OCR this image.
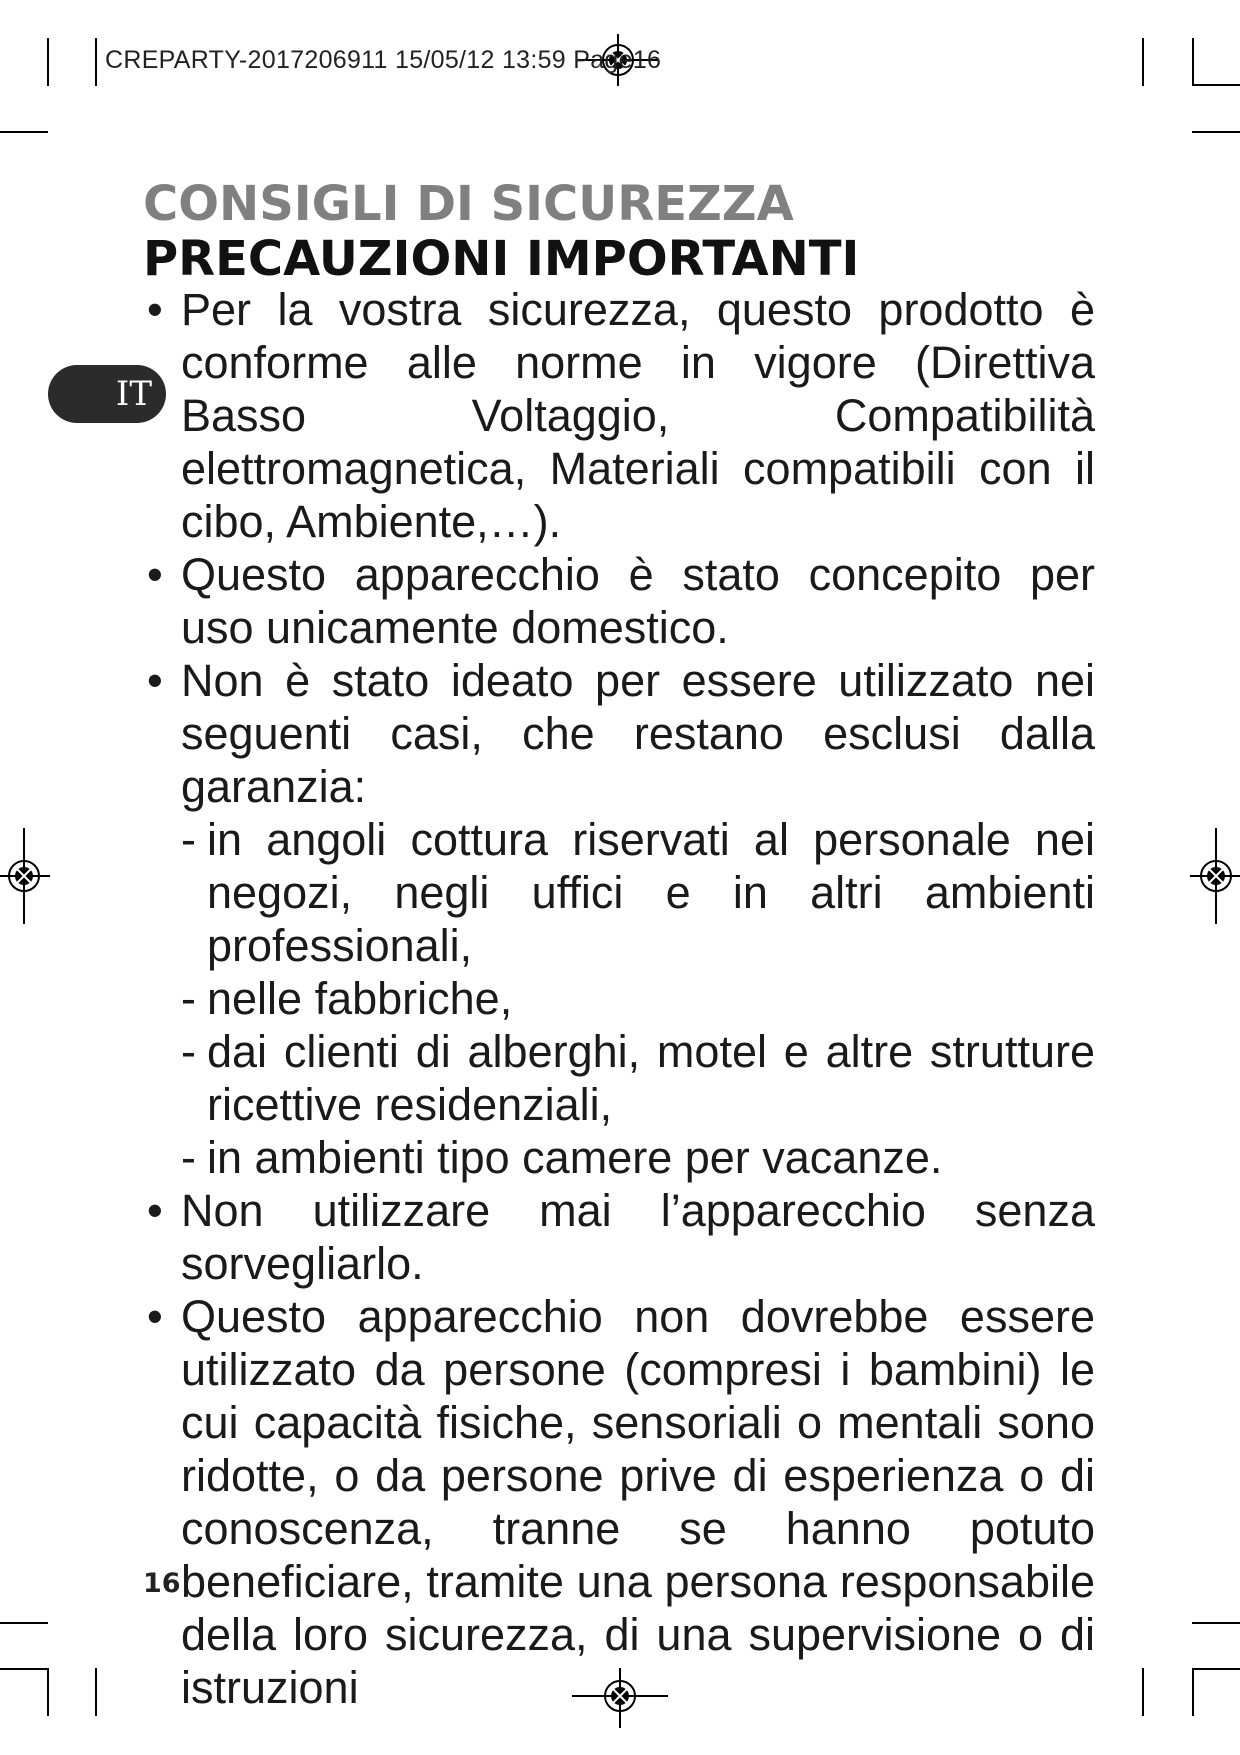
CREPARTY-2017206911 15/05/12 13:59 Page16
CONSIGLI DI SICUREZZA
PRECAUZIONI IMPORTANTI
IT
• Per la vostra sicurezza, questo prodotto è conforme alle norme in vigore (Direttiva Basso Voltaggio, Compatibilità elettromagnetica, Materiali compatibili con il cibo, Ambiente,…).
• Questo apparecchio è stato concepito per uso unicamente domestico.
• Non è stato ideato per essere utilizzato nei seguenti casi, che restano esclusi dalla garanzia:
- in angoli cottura riservati al personale nei negozi, negli uffici e in altri ambienti professionali,
- nelle fabbriche,
- dai clienti di alberghi, motel e altre strutture ricettive residenziali,
- in ambienti tipo camere per vacanze.
• Non utilizzare mai l’apparecchio senza sorvegliarlo.
• Questo apparecchio non dovrebbe essere utilizzato da persone (compresi i bambini) le cui capacità fisiche, sensoriali o mentali sono ridotte, o da persone prive di esperienza o di conoscenza, tranne se hanno potuto beneficiare, tramite una persona responsabile della loro sicurezza, di una supervisione o di istruzioni
16
